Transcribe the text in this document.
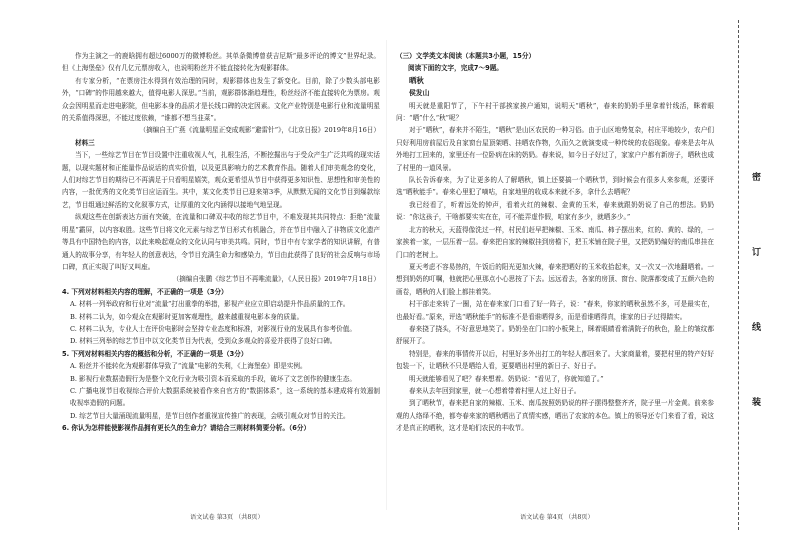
作为主演之一的鹿晗拥有超过6000万的微博粉丝。其单条微博曾获吉尼斯“最多评论的博文”世界纪录。但《上海堡垒》仅有几亿元票房收入，也说明粉丝并不能直接转化为观影群体。

有专家分析，“在票房注水得到有效治理的同时，观影群体也发生了新变化。目前，除了少数头部电影外，“口碑”的作用越来越大，值得电影人深思。”当前，观影群体渐趋理性，粉丝经济不能直接转化为票房。观众会因明星而走进电影院，但电影本身的品质才是长线口碑的决定因素。文化产业特别是电影行业和流量明星的关系值得深思，不能过度依赖，“谁都不想当韭菜”。

（摘编自王广燕《流量明星正变成观影“避雷针”》，《北京日报》2019年8月16日）

材料三

当下，一些综艺节目在节目设置中注重收视人气，扎根生活，不断挖掘出与于受众产生广泛共鸣的现实话题，以现实题材和正能量作品说话的真实价值，以及更具影响力的艺术教育作品。随着人们审美观念的变化，人们对综艺节目的期待已不再满足于只看明星嬉笑，观众更希望从节目中获得更多知识性、思想性和审美性的内容，一批优秀的文化类节目应运而生。其中，某文化类节目已迎来第3季，从默默无闻的文化节目到爆款综艺，节目组通过鲜活的文化叙事方式，让厚重的文化内涵得以接地气地呈现。

纵观这些在创新表达方面有突破，在流量和口碑双丰收的综艺节目中，不难发现其共同特点：拒绝“流量明星”霸屏，以内容取胜。这些节目将文化元素与综艺节目形式有机融合，并在节目中融入了非物质文化遗产等具有中国特色的内容，以此来唤起观众的文化认同与审美共鸣。同时，节目中有专家学者的知识讲解，有普通人的故事分享，有年轻人的创意表达，令节目充满生命力和感染力，节目由此获得了良好的社会反响与市场口碑，真正实现了叫好又叫座。

（摘编自张鹏《综艺节目不再唯流量》，《人民日报》2019年7月18日）

4. 下列对材料相关内容的理解，不正确的一项是（3分）

A. 材料一列举政府和行业对“流量”打出重拳的举措，影视产业应立即启动提升作品质量的工作。

B. 材料二认为，如今观众在观影时更加客观理性，越来越重视电影本身的质量。

C. 材料二认为，专业人士在评价电影时会坚持专业态度和标准，对影视行业的发展具有参考价值。

D. 材料三列举的综艺节目中以文化类节目为代表，受到众多观众的喜爱并获得了良好口碑。

5. 下列对材料相关内容的概括和分析，不正确的一项是（3分）

A. 粉丝并不能转化为观影群体导致了“流量”电影的失利，《上海堡垒》即是实例。

B. 影视行业数据造假行为是整个文化行业为吸引资本而采取的手段，破坏了文艺创作的健康生态。

C. 广播电视节目收视综合评价大数据系统被看作来自官方的“数据体系”，这一系统的基本建成将有效遏制收视率造假的问题。

D. 综艺节目大量涌现流量明星，是节目创作者重视宣传推广的表现，会吸引观众对节目的关注。

6. 你认为怎样能使影视作品拥有更长久的生命力？请结合三则材料简要分析。（6分）

（三）文学类文本阅读（本题共3小题，15分）

阅读下面的文字，完成7～9题。

晒秋

侯发山

明天就是重阳节了，下午村干部挨家挨户通知，说明天“晒秋”，春来的奶奶手里拿着针线活，眯着眼问：“晒”什么“秋”呢？

对于“晒秋”，春来并不陌生，“晒秋”是山区农民的一种习俗。由于山区地势复杂，村庄平地较少，农户们只好利用房前屋后及自家窗台屋顶架晒、挂晒农作物，久而久之就演变成一种传统的农俗现象。春来是去年从外地打工回来的，家里还有一位卧病在床的奶奶。春来说，如今日子好过了，家家户户都有新房子，晒秋也成了村里的一道风景。

队长告诉春来，为了让更多的人了解晒秋，镇上还要搞一个晒秋节，到时候会有很多人来参观，还要评选“晒秋能手”。春来心里犯了嘀咕，自家地里的收成本来就不多，拿什么去晒呢？

我已经看了，听着远处的钟声，看着火红的辣椒、金黄的玉米，春来就跟奶奶说了自己的想法。奶奶说：“你这孩子，干啥都要实实在在，可不能弄虚作假，咱家有多少，就晒多少。”

北方的秋天，天蓝得像洗过一样，村民们赶早把辣椒、玉米、南瓜、柿子摆出来，红的、黄的、绿的，一家挨着一家，一层压着一层。春来把自家的辣椒挂到房檐下，把玉米铺在院子里，又把奶奶编好的南瓜串挂在门口的老树上。

夏天考虑不容易热的，午饭后的阳光更加火辣，春来把晒好的玉米收拾起来，又一次又一次地翻晒着。一想到奶奶的叮嘱，他就把心里那点小心思按了下去。远远看去，各家的房顶、窗台、院落都变成了五颜六色的画卷，晒秋的人们脸上都挂着笑。

村干部走来转了一圈，站在春来家门口看了好一阵子，说：“春来，你家的晒秋虽然不多，可是最实在，也最好看。”原来，评选“晒秋能手”的标准不是看谁晒得多，而是看谁晒得真，谁家的日子过得踏实。

春来挠了挠头，不好意思地笑了。奶奶坐在门口的小板凳上，眯着眼睛看着满院子的秋色，脸上的皱纹都舒展开了。

特别是，春来的事情传开以后，村里好多外出打工的年轻人都回来了。大家商量着，要把村里的特产好好包装一下，让晒秋不只是晒给人看，更要晒出村里的新日子、好日子。

明天就能够看见了吧？春来想着。奶奶说：“看见了，你就知道了。”

春来从去年回到家里，就一心想着带着村里人过上好日子。

到了晒秋节，春来把自家的辣椒、玉米、南瓜按照奶奶说的样子摆得整整齐齐，院子里一片金黄。前来参观的人络绎不绝，都夸春来家的晒秋晒出了真情实感，晒出了农家的本色。镇上的领导还专门来看了看，说这才是真正的晒秋，这才是咱们农民的丰收节。

语文试卷 第3页 （共8页）	语文试卷 第4页 （共8页）
密
订
线
装
